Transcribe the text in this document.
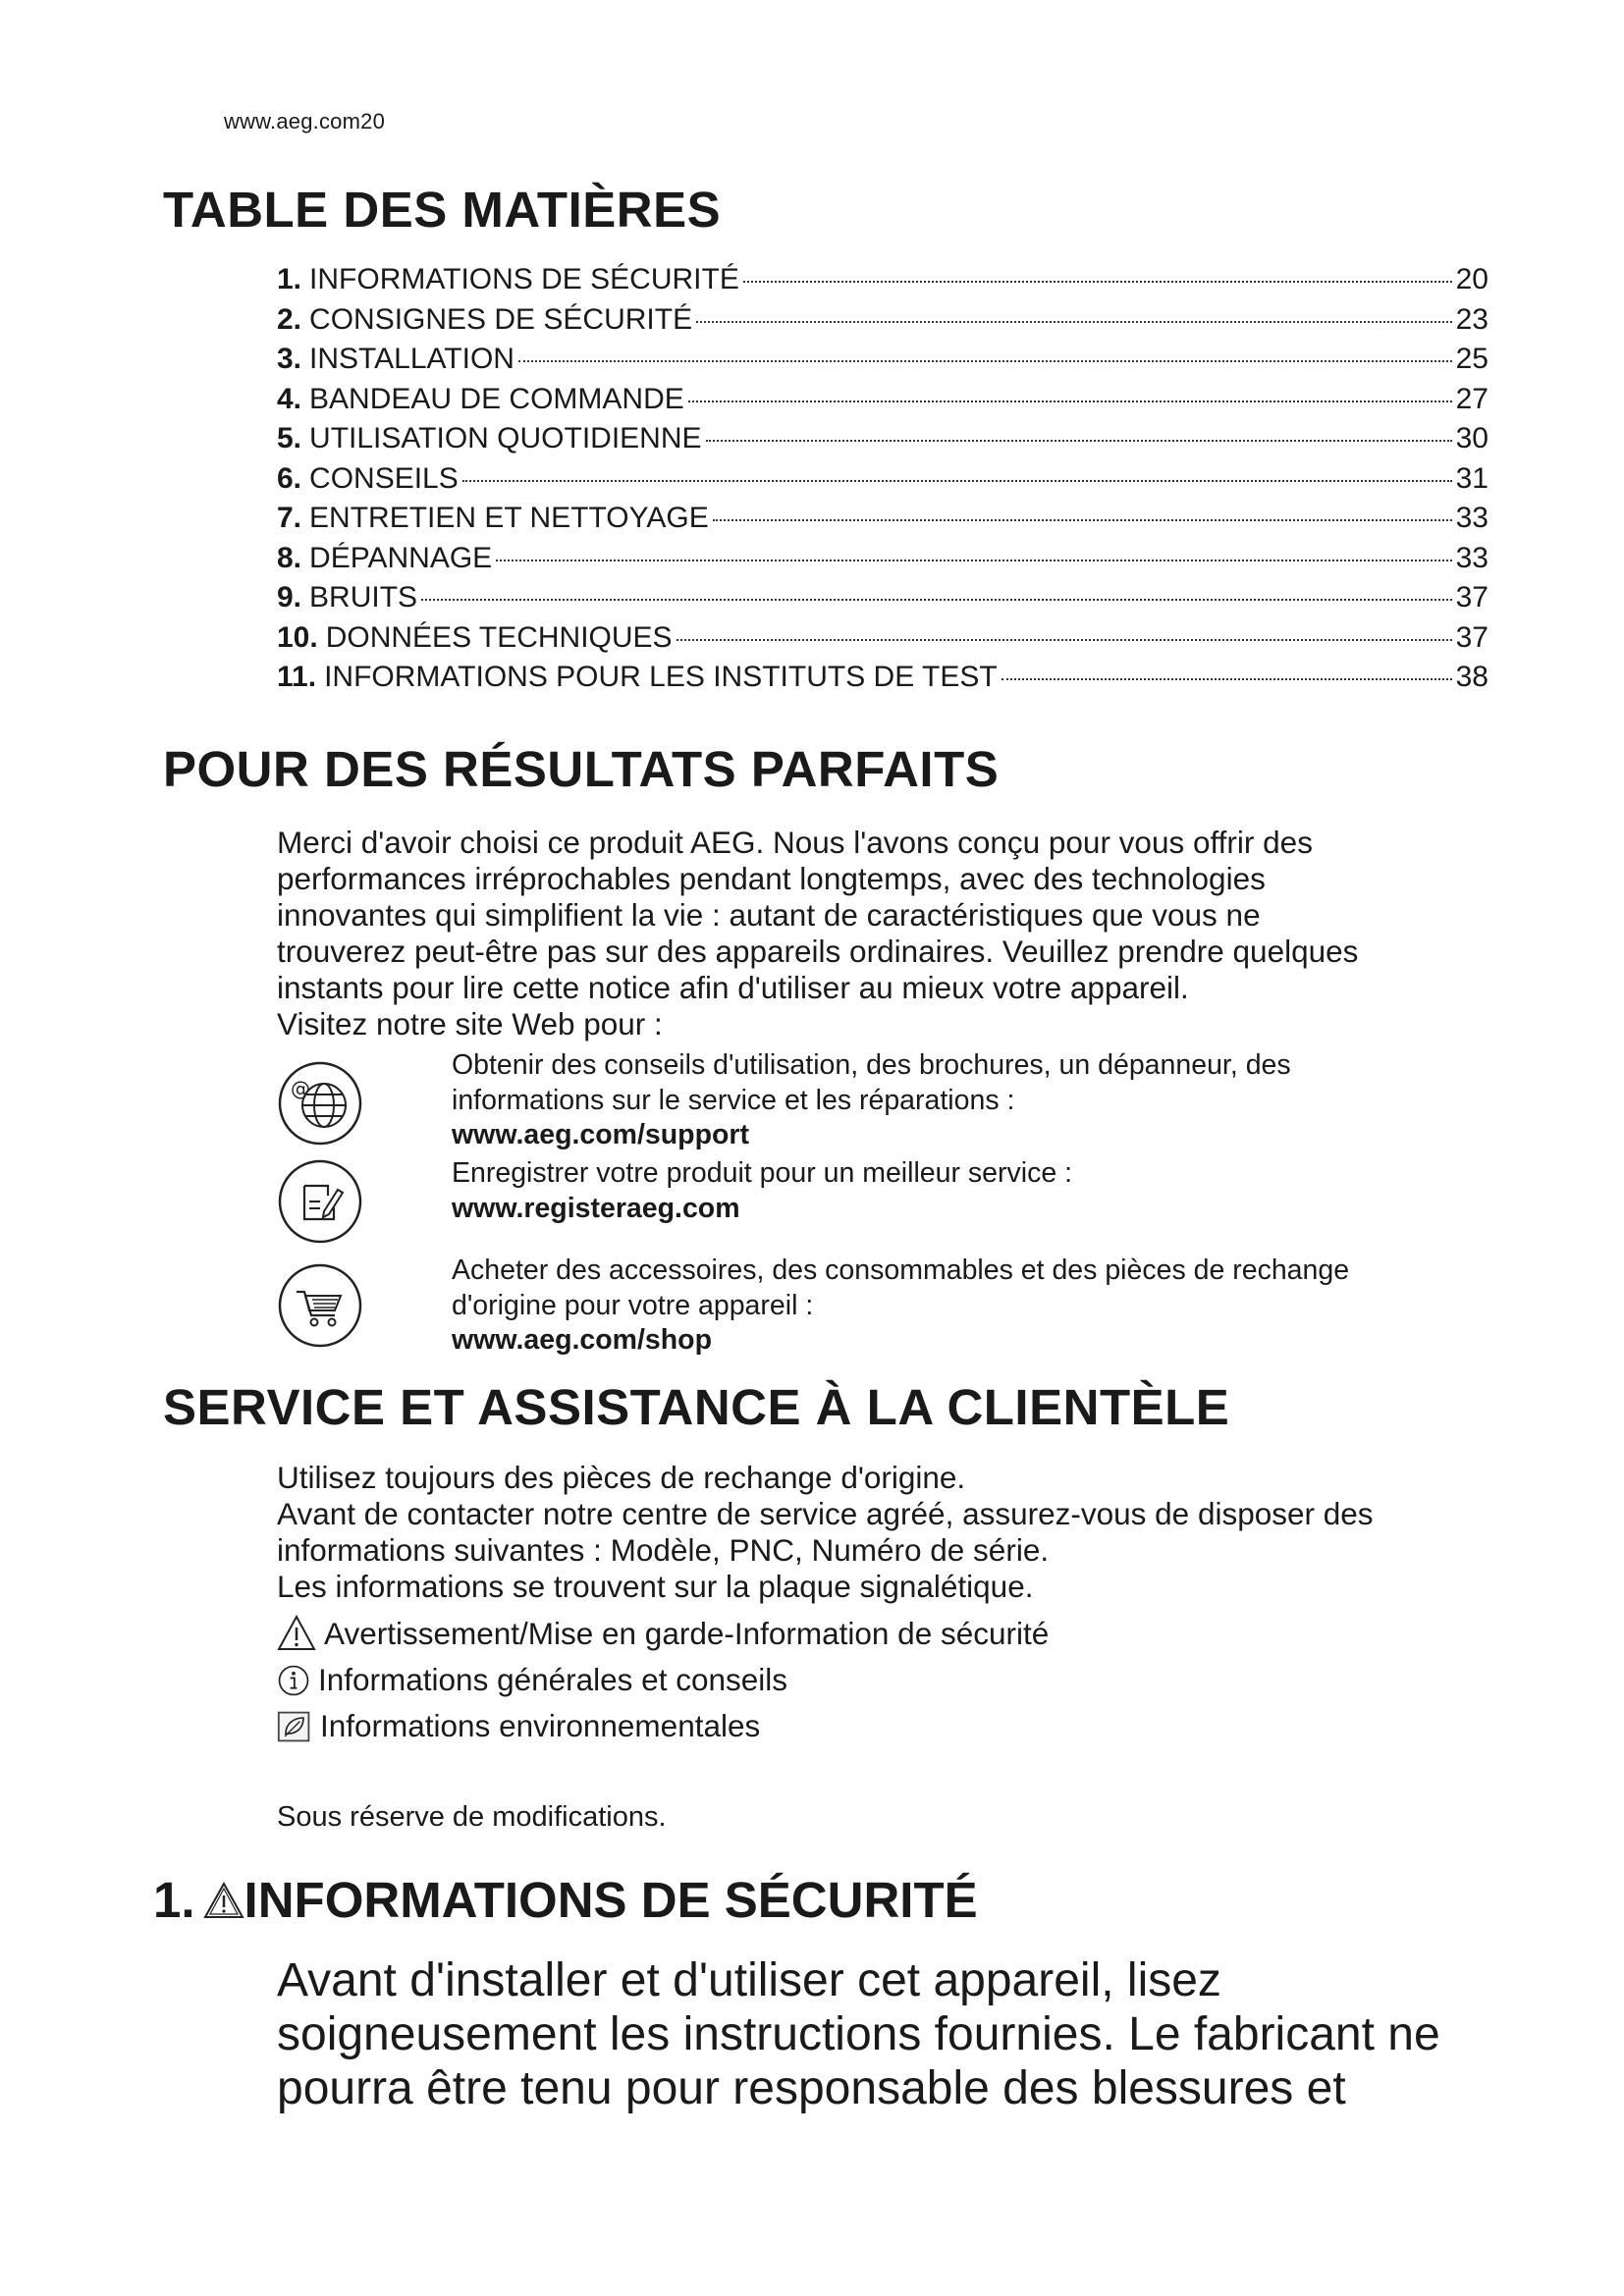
www.aeg.com20
TABLE DES MATIÈRES
1. INFORMATIONS DE SÉCURITÉ	20
2. CONSIGNES DE SÉCURITÉ	23
3. INSTALLATION	25
4. BANDEAU DE COMMANDE	27
5. UTILISATION QUOTIDIENNE	30
6. CONSEILS	31
7. ENTRETIEN ET NETTOYAGE	33
8. DÉPANNAGE	33
9. BRUITS	37
10. DONNÉES TECHNIQUES	37
11. INFORMATIONS POUR LES INSTITUTS DE TEST	38
POUR DES RÉSULTATS PARFAITS
Merci d'avoir choisi ce produit AEG. Nous l'avons conçu pour vous offrir des
performances irréprochables pendant longtemps, avec des technologies
innovantes qui simplifient la vie : autant de caractéristiques que vous ne
trouverez peut-être pas sur des appareils ordinaires. Veuillez prendre quelques
instants pour lire cette notice afin d'utiliser au mieux votre appareil.
Visitez notre site Web pour :
@
Obtenir des conseils d'utilisation, des brochures, un dépanneur, des
informations sur le service et les réparations :
www.aeg.com/support
Enregistrer votre produit pour un meilleur service :
www.registeraeg.com
Acheter des accessoires, des consommables et des pièces de rechange
d'origine pour votre appareil :
www.aeg.com/shop
SERVICE ET ASSISTANCE À LA CLIENTÈLE
Utilisez toujours des pièces de rechange d'origine.
Avant de contacter notre centre de service agréé, assurez-vous de disposer des
informations suivantes : Modèle, PNC, Numéro de série.
Les informations se trouvent sur la plaque signalétique.
Avertissement/Mise en garde-Information de sécurité
Informations générales et conseils
Informations environnementales
Sous réserve de modifications.
1. INFORMATIONS DE SÉCURITÉ
Avant d'installer et d'utiliser cet appareil, lisez
soigneusement les instructions fournies. Le fabricant ne
pourra être tenu pour responsable des blessures et
